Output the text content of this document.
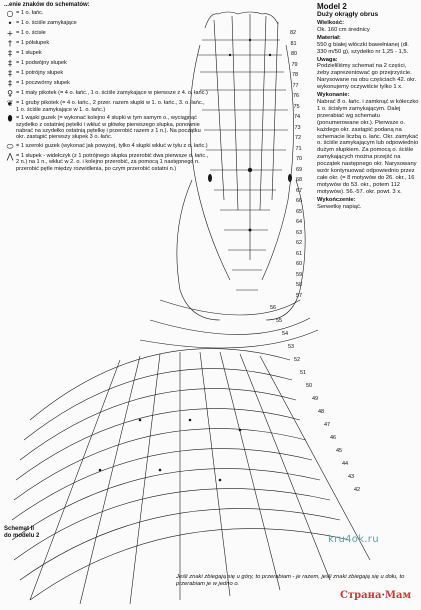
82
81
80
79
78
77
76
75
74
73
72
71
70
69
68
67
66
65
64
63
62
61
60
59
58
57
56
55
54
53
52
51
50
49
48
47
46
45
44
43
42
...enie znaków do schematów:
○ = 1 o. łańc.
• = 1 o. ściśle zamykające
+ = 1 o. ścisłe
† = 1 półsłupek
‡ = 1 słupek
‡ = 1 podwójny słupek
‡ = 1 potrójny słupek
‡ = 1 poczwórny słupek
♀ = 1 mały pikotek (= 4 o. łańc., 1 o. ściśle zamykające w pierwsze z 4. o. łańc.)
❦ = 1 gruby pikotek (= 4 o. łańc., 2 przer. razem słupki w 1. o. łańc., 3. o. łańc., 1 o. ściśle zamykające w 1. o. łańc.)
⬮ = 1 wąski guzek (= wykonać kolejno 4 słupki w tym samym o., wyciągnąć szydełko z ostatniej pętelki i wkłuć w główkę pierwszego słupka, ponownie nabrać na szydełko ostatnią pętelkę i przerobić razem z 1 n.). Na początku okr. zastąpić pierwszy słupek 3 o. łańc.
⬭ = 1 szeroki guzek (wykonać jak powyżej, tylko 4 słupki wkłuć w tyłu z o. łańc.)
⋀ = 1 słupek - widełczyk (z 1 potrójnego słupka przerobić dwa pierwsze o. łańc., 2 n.) na 1 n., wkłuć w 2. o. i kolejno przerobić, za pomocą 1 następnego n. przerobić pętle między rozwidlenia, po czym przerobić ostatni n.)
Model 2
Duży okrągły obrus
Wielkość:

Ok. 160 cm średnicy

Materiał:

550 g białej włóczki bawełnianej (dł. 330 m/50 g), szydełko nr 1,25 - 1,5.

Uwaga:

Podzieliliśmy schemat na 2 części, żeby zaprezentować go przejrzyście. Narysowane na obu częściach 42. okr. wykonujemy oczywiście tylko 1 x.

Wykonanie:

Nabrać 8 o. łańc. i zamknąć w kółeczko 1 o. ścisłym zamykającym. Dalej przerabiać wg schematu (ponumerowane okr.). Pierwsze o. każdego okr. zastąpić podaną na schemacie liczbą o. łańc. Okr. zamykać o. ściśle zamykającym lub odpowiednio dużym słupkiem. Za pomocą o. ściśle zamykających można przejść na początek następnego okr. Narysowany wzór kontynuować odpowiednio przez całe okr. (= 8 motywów do 26. okr., 16 motywów do 53. okr., potem 112 motywów). 56.-57. okr. powt. 3 x.

Wykończenie:

Serwetkę napiąć.

Schemat II
do modelu 2
Jeśli znaki zbiegają się u góry, to przerabiam - je razem, jeśli znaki zbiegają się u dołu, to przerabiam je w jedno o.
kru4ok.ru
Страна·Мам
